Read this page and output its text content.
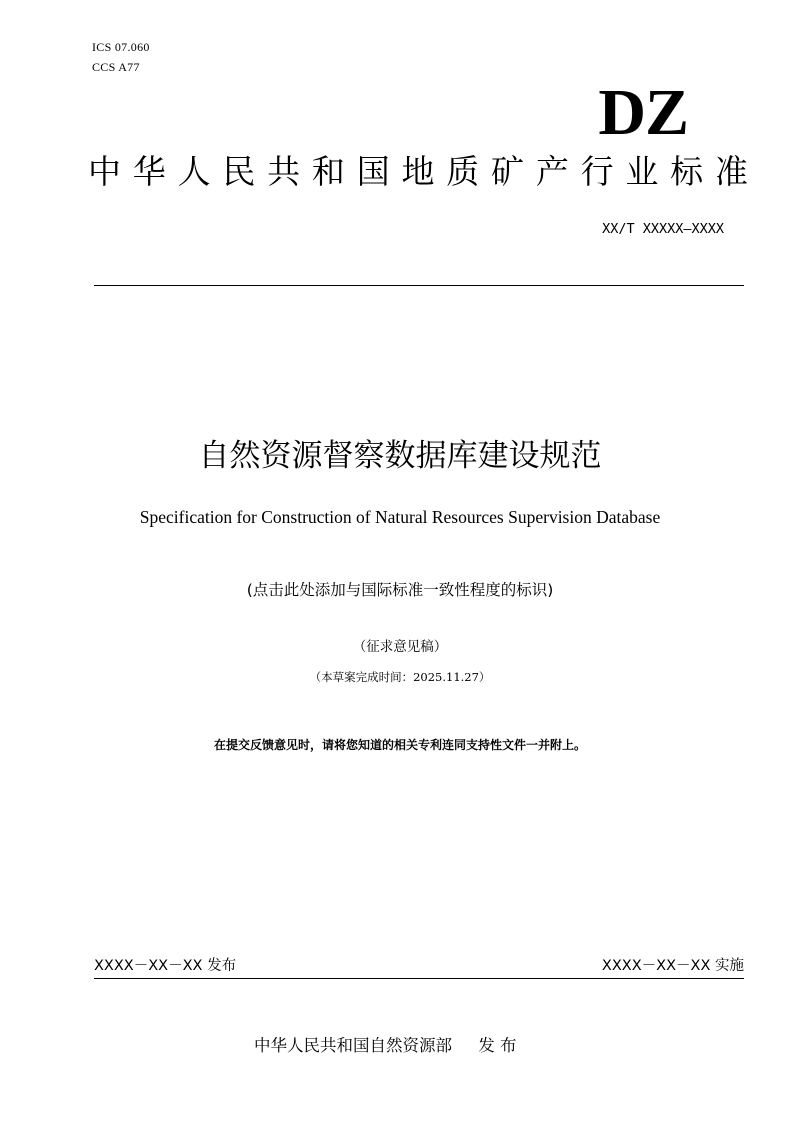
ICS 07.060
CCS A77
DZ
中 华 人 民 共 和 国 地 质 矿 产 行 业 标 准
XX/T XXXXX—XXXX
自然资源督察数据库建设规范
Specification for Construction of Natural Resources Supervision Database
(点击此处添加与国际标准一致性程度的标识)
（征求意见稿）
（本草案完成时间：2025.11.27）
在提交反馈意见时，请将您知道的相关专利连同支持性文件一并附上。
XXXX－XX－XX 发布	XXXX－XX－XX 实施
中华人民共和国自然资源部     发 布
